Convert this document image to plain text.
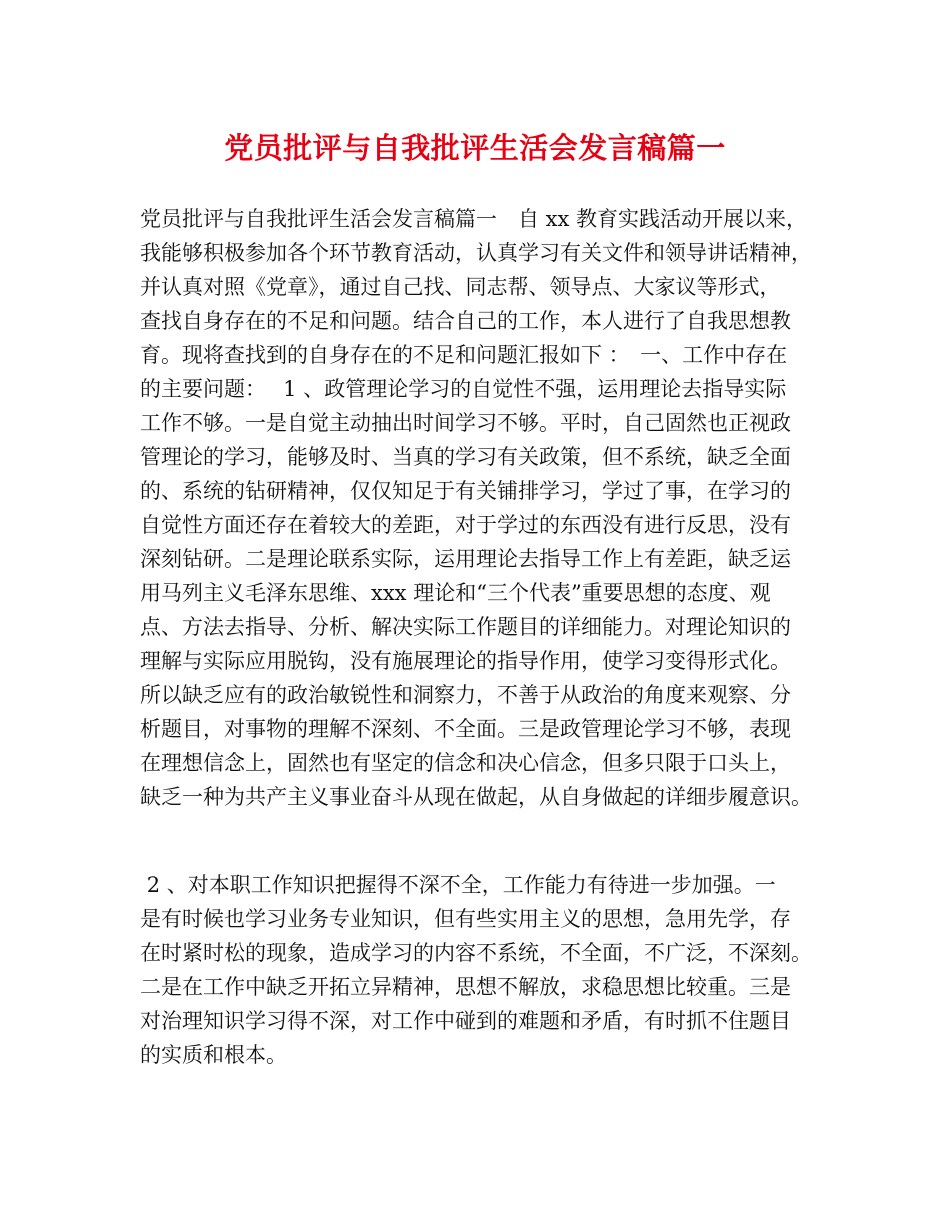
党员批评与自我批评生活会发言稿篇一

党员批评与自我批评生活会发言稿篇一　自 xx 教育实践活动开展以来，
我能够积极参加各个环节教育活动，认真学习有关文件和领导讲话精神，
并认真对照《党章》，通过自己找、同志帮、领导点、大家议等形式，
查找自身存在的不足和问题。结合自己的工作，本人进行了自我思想教
育。现将查找到的自身存在的不足和问题汇报如下 ：　一、工作中存在
的主要问题：　 1 、政管理论学习的自觉性不强，运用理论去指导实际
工作不够。一是自觉主动抽出时间学习不够。平时，自己固然也正视政
管理论的学习，能够及时、当真的学习有关政策，但不系统，缺乏全面
的、系统的钻研精神，仅仅知足于有关铺排学习，学过了事，在学习的
自觉性方面还存在着较大的差距，对于学过的东西没有进行反思，没有
深刻钻研。二是理论联系实际，运用理论去指导工作上有差距，缺乏运
用马列主义毛泽东思维、xxx 理论和“三个代表”重要思想的态度、观
点、方法去指导、分析、解决实际工作题目的详细能力。对理论知识的
理解与实际应用脱钩，没有施展理论的指导作用，使学习变得形式化。
所以缺乏应有的政治敏锐性和洞察力，不善于从政治的角度来观察、分
析题目，对事物的理解不深刻、不全面。三是政管理论学习不够，表现
在理想信念上，固然也有坚定的信念和决心信念，但多只限于口头上，
缺乏一种为共产主义事业奋斗从现在做起，从自身做起的详细步履意识。

2 、对本职工作知识把握得不深不全，工作能力有待进一步加强。一
是有时候也学习业务专业知识，但有些实用主义的思想，急用先学，存
在时紧时松的现象，造成学习的内容不系统，不全面，不广泛，不深刻。
二是在工作中缺乏开拓立异精神，思想不解放，求稳思想比较重。三是
对治理知识学习得不深，对工作中碰到的难题和矛盾，有时抓不住题目
的实质和根本。
